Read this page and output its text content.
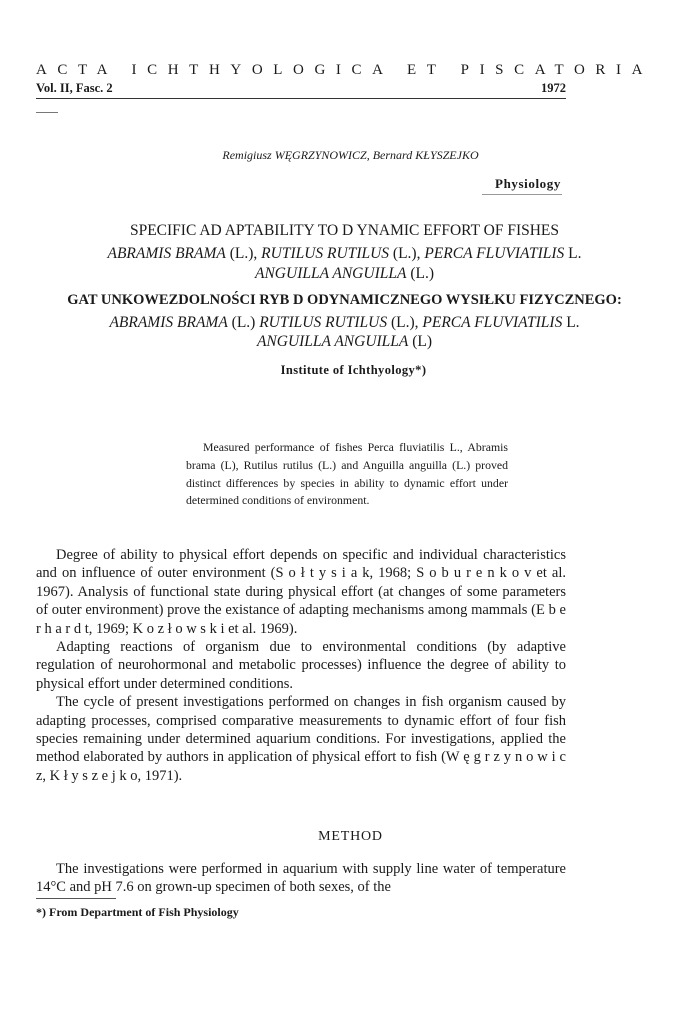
ACTA ICHTHYOLOGICA ET PISCATORIA
Vol. II, Fasc. 2	1972
Remigiusz WĘGRZYNOWICZ, Bernard KŁYSZEJKO
Physiology
SPECIFIC AD APTABILITY TO D YNAMIC EFFORT OF FISHES
ABRAMIS BRAMA (L.), RUTILUS RUTILUS (L.), PERCA FLUVIATILIS L.
ANGUILLA ANGUILLA (L.)
GAT UNKOWEZDOLNOŚCI RYB D ODYNAMICZNEGO WYSIŁKU FIZYCZNEGO:
ABRAMIS BRAMA (L.) RUTILUS RUTILUS (L.), PERCA FLUVIATILIS L.
ANGUILLA ANGUILLA (L)
Institute of Ichthyology*)

Measured performance of fishes Perca fluviatilis L., Abramis brama (L), Rutilus rutilus (L.) and Anguilla anguilla (L.) proved distinct differences by species in ability to dynamic effort under determined conditions of environment.

Degree of ability to physical effort depends on specific and individual characteristics and on influence of outer environment (S o ł t y s i a k, 1968; S o b u r e n k o v et al. 1967). Analysis of functional state during physical effort (at changes of some parameters of outer environment) prove the existance of adapting mechanisms among mammals (E b e r h a r d t, 1969; K o z ł o w s k i et al. 1969).

Adapting reactions of organism due to environmental conditions (by adaptive regulation of neurohormonal and metabolic processes) influence the degree of ability to physical effort under determined conditions.

The cycle of present investigations performed on changes in fish organism caused by adapting processes, comprised comparative measurements to dynamic effort of four fish species remaining under determined aquarium conditions. For investigations, applied the method elaborated by authors in application of physical effort to fish (W ę g r z y n o w i c z, K ł y s z e j k o, 1971).

METHOD

The investigations were performed in aquarium with supply line water of temperature 14°C and pH 7.6 on grown-up specimen of both sexes, of the

*) From Department of Fish Physiology
